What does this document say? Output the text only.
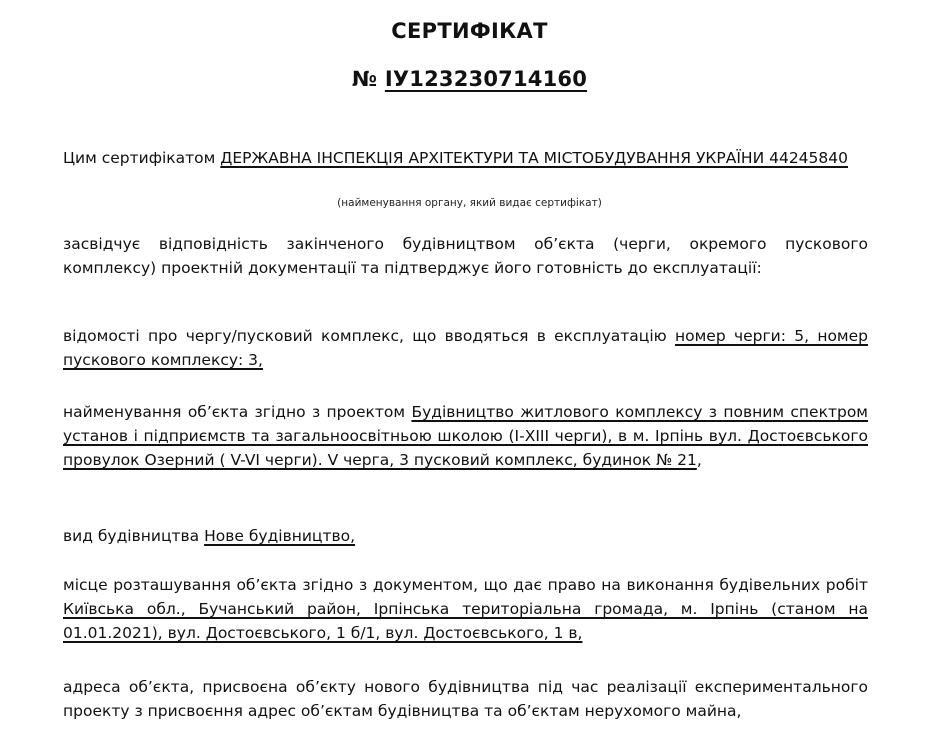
СЕРТИФІКАТ
№ ІУ123230714160
Цим сертифікатом ДЕРЖАВНА ІНСПЕКЦІЯ АРХІТЕКТУРИ ТА МІСТОБУДУВАННЯ УКРАЇНИ 44245840
(найменування органу, який видає сертифікат)
засвідчує відповідність закінченого будівництвом об’єкта (черги, окремого пускового комплексу) проектній документації та підтверджує його готовність до експлуатації:
відомості про чергу/пусковий комплекс, що вводяться в експлуатацію номер черги: 5, номер пускового комплексу: 3,
найменування об’єкта згідно з проектом Будівництво житлового комплексу з повним спектром установ і підприємств та загальноосвітньою школою (І-ХІІІ черги), в м. Ірпінь вул. Достоєвського провулок Озерний ( V-VI черги). V черга, 3 пусковий комплекс, будинок № 21,
вид будівництва Нове будівництво,
місце розташування об’єкта згідно з документом, що дає право на виконання будівельних робіт Київська обл., Бучанський район, Ірпінська територіальна громада, м. Ірпінь (станом на 01.01.2021), вул. Достоєвського, 1 б/1, вул. Достоєвського, 1 в,
адреса об’єкта, присвоєна об’єкту нового будівництва під час реалізації експериментального проекту з присвоєння адрес об’єктам будівництва та об’єктам нерухомого майна,
